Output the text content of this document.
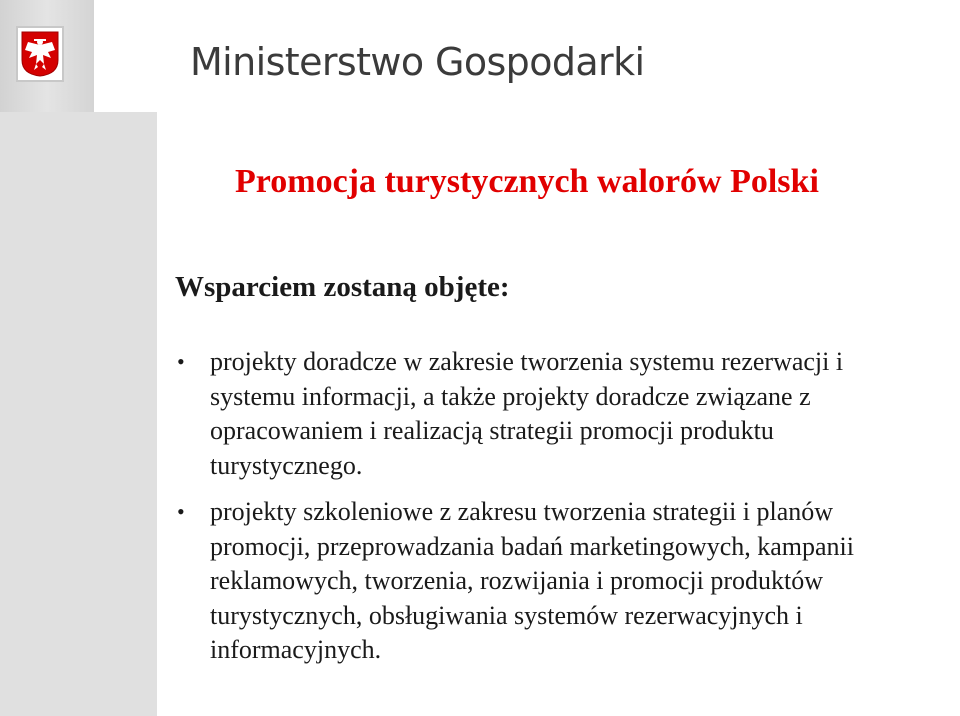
Ministerstwo Gospodarki
Promocja turystycznych walorów Polski
Wsparciem zostaną objęte:
• projekty doradcze w zakresie tworzenia systemu rezerwacji i systemu informacji, a także projekty doradcze związane z opracowaniem i realizacją strategii promocji produktu turystycznego.
• projekty szkoleniowe z zakresu tworzenia strategii i planów promocji, przeprowadzania badań marketingowych, kampanii reklamowych, tworzenia, rozwijania i promocji produktów turystycznych, obsługiwania systemów rezerwacyjnych i informacyjnych.
